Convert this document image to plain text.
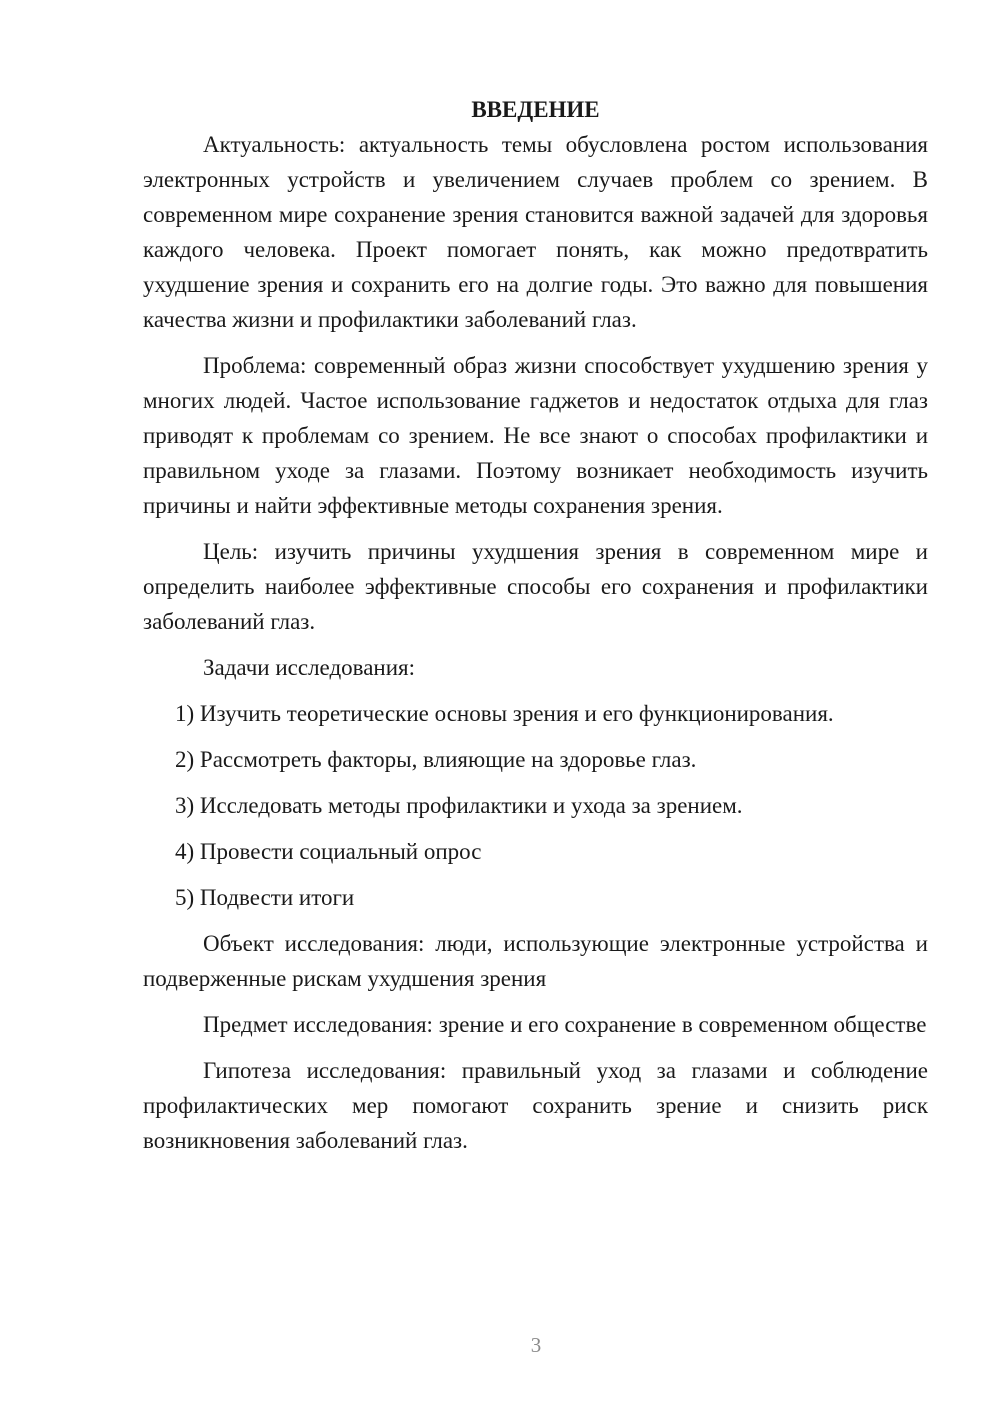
ВВЕДЕНИЕ

Актуальность: актуальность темы обусловлена ростом использования электронных устройств и увеличением случаев проблем со зрением. В современном мире сохранение зрения становится важной задачей для здоровья каждого человека. Проект помогает понять, как можно предотвратить ухудшение зрения и сохранить его на долгие годы. Это важно для повышения качества жизни и профилактики заболеваний глаз.

Проблема: современный образ жизни способствует ухудшению зрения у многих людей. Частое использование гаджетов и недостаток отдыха для глаз приводят к проблемам со зрением. Не все знают о способах профилактики и правильном уходе за глазами. Поэтому возникает необходимость изучить причины и найти эффективные методы сохранения зрения.

Цель: изучить причины ухудшения зрения в современном мире и определить наиболее эффективные способы его сохранения и профилактики заболеваний глаз.

Задачи исследования:

1) Изучить теоретические основы зрения и его функционирования.

2) Рассмотреть факторы, влияющие на здоровье глаз.

3) Исследовать методы профилактики и ухода за зрением.

4) Провести социальный опрос

5) Подвести итоги

Объект исследования: люди, использующие электронные устройства и подверженные рискам ухудшения зрения

Предмет исследования: зрение и его сохранение в современном обществе

Гипотеза исследования: правильный уход за глазами и соблюдение профилактических мер помогают сохранить зрение и снизить риск возникновения заболеваний глаз.

3
